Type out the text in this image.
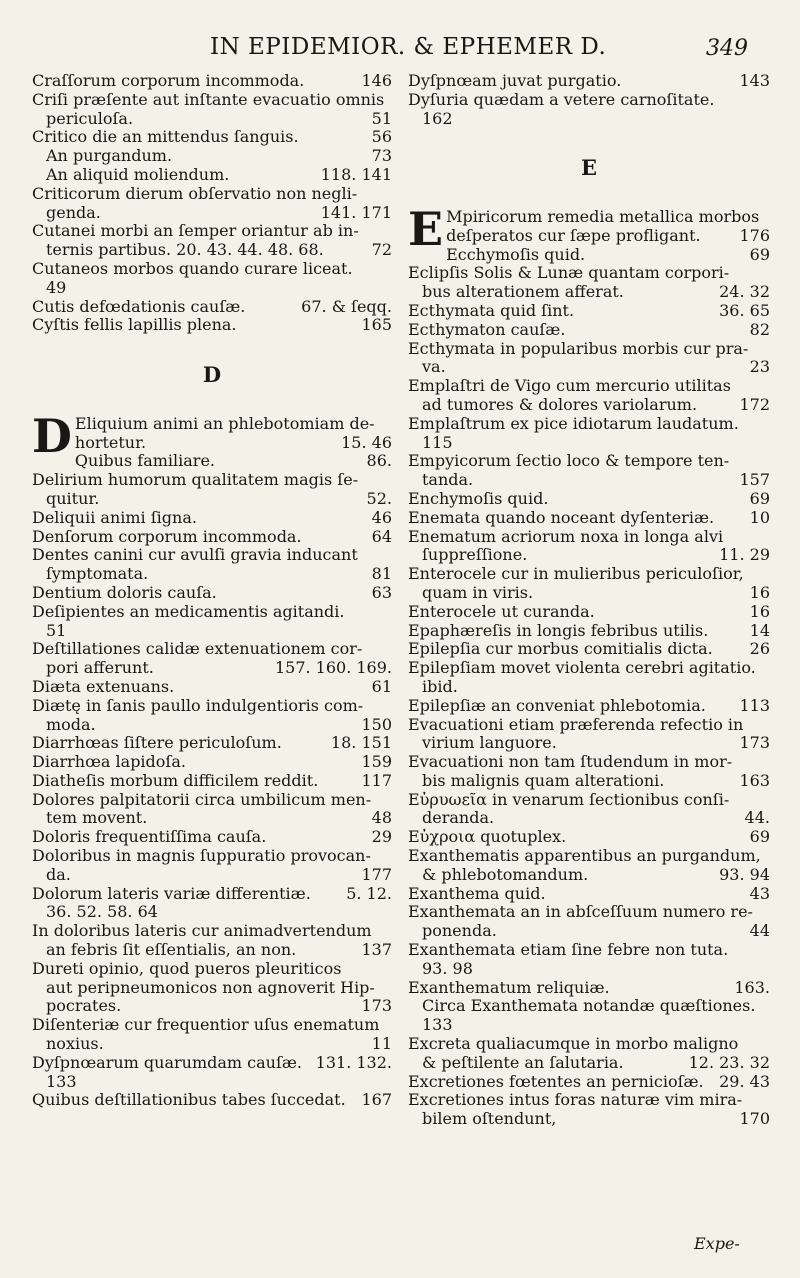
IN EPIDEMIOR. & EPHEMER D.	349
Craſſorum corporum incommoda.	146
Criſi præſente aut inſtante evacuatio omnis
periculoſa.	51
Critico die an mittendus ſanguis.	56
An purgandum.	73
An aliquid moliendum.	118. 141
Criticorum dierum obſervatio non negli-
genda.	141. 171
Cutanei morbi an ſemper oriantur ab in-
ternis partibus. 20. 43. 44. 48. 68.	72
Cutaneos morbos quando curare liceat.
49
Cutis defœdationis cauſæ.	67. & ſeqq.
Cyſtis fellis lapillis plena.	165
D
D Eliquium animi an phlebotomiam de-
hortetur.	15. 46
Quibus familiare.	86.
Delirium humorum qualitatem magis ſe-
quitur.	52.
Deliquii animi ſigna.	46
Denſorum corporum incommoda.	64
Dentes canini cur avulſi gravia inducant
ſymptomata.	81
Dentium doloris cauſa.	63
Deſipientes an medicamentis agitandi.
51
Deſtillationes calidæ extenuationem cor-
pori afferunt.	157. 160. 169.
Diæta extenuans.	61
Diætę in ſanis paullo indulgentioris com-
moda.	150
Diarrhœas ſiſtere periculoſum.	18. 151
Diarrhœa lapidoſa.	159
Diatheſis morbum difficilem reddit.	117
Dolores palpitatorii circa umbilicum men-
tem movent.	48
Doloris frequentiſſima cauſa.	29
Doloribus in magnis ſuppuratio provocan-
da.	177
Dolorum lateris variæ differentiæ. 5. 12.
36. 52. 58. 64
In doloribus lateris cur animadvertendum
an febris ſit eſſentialis, an non.	137
Dureti opinio, quod pueros pleuriticos
aut peripneumonicos non agnoverit Hip-
pocrates.	173
Diſenteriæ cur frequentior uſus enematum
noxius.	11
Dyſpnœarum quarumdam cauſæ. 131. 132.
133
Quibus deſtillationibus tabes ſuccedat. 167
Dyſpnœam juvat purgatio.	143
Dyſuria quædam a vetere carnoſitate.
162
E
E Mpiricorum remedia metallica morbos
deſperatos cur ſæpe profligant. 176
Ecchymoſis quid.	69
Eclipſis Solis & Lunæ quantam corpori-
bus alterationem afferat.	24. 32
Ecthymata quid ſint.	36. 65
Ecthymaton cauſæ.	82
Ecthymata in popularibus morbis cur pra-
va.	23
Emplaſtri de Vigo cum mercurio utilitas
ad tumores & dolores variolarum.	172
Emplaſtrum ex pice idiotarum laudatum.
115
Empyicorum ſectio loco & tempore ten-
tanda.	157
Enchymoſis quid.	69
Enemata quando noceant dyſenteriæ. 10
Enematum acriorum noxa in longa alvi
ſuppreſſione.	11. 29
Enterocele cur in mulieribus periculoſior,
quam in viris.	16
Enterocele ut curanda.	16
Epaphæreſis in longis febribus utilis.	14
Epilepſia cur morbus comitialis dicta. 26
Epilepſiam movet violenta cerebri agitatio.
ibid.
Epilepſiæ an conveniat phlebotomia. 113
Evacuationi etiam præferenda refectio in
virium languore.	173
Evacuationi non tam ſtudendum in mor-
bis malignis quam alterationi.	163
Εὐρυωεῖα in venarum ſectionibus conſi-
deranda.	44.
Εὐχροια quotuplex.	69
Exanthematis apparentibus an purgandum,
& phlebotomandum.	93. 94
Exanthema quid.	43
Exanthemata an in abſceſſuum numero re-
ponenda.	44
Exanthemata etiam ſine febre non tuta.
93. 98
Exanthematum reliquiæ.	163.
Circa Exanthemata notandæ quæſtiones.
133
Excreta qualiacumque in morbo maligno
& peſtilente an ſalutaria.	12. 23. 32
Excretiones fœtentes an pernicioſæ. 29. 43
Excretiones intus foras naturæ vim mira-
bilem oſtendunt,	170
Expe-
